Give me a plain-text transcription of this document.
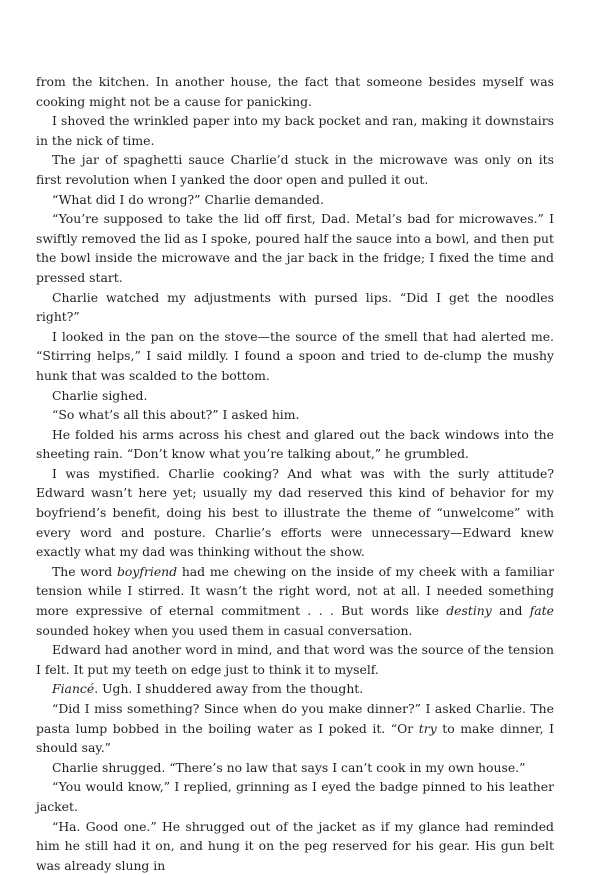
from the kitchen. In another house, the fact that someone besides myself was cooking might not be a cause for panicking.

I shoved the wrinkled paper into my back pocket and ran, making it downstairs in the nick of time.

The jar of spaghetti sauce Charlie’d stuck in the microwave was only on its first revolution when I yanked the door open and pulled it out.

“What did I do wrong?” Charlie demanded.

“You’re supposed to take the lid off first, Dad. Metal’s bad for microwaves.” I swiftly removed the lid as I spoke, poured half the sauce into a bowl, and then put the bowl inside the microwave and the jar back in the fridge; I fixed the time and pressed start.

Charlie watched my adjustments with pursed lips. “Did I get the noodles right?”

I looked in the pan on the stove—the source of the smell that had alerted me. “Stirring helps,” I said mildly. I found a spoon and tried to de-clump the mushy hunk that was scalded to the bottom.

Charlie sighed.

“So what’s all this about?” I asked him.

He folded his arms across his chest and glared out the back windows into the sheeting rain. “Don’t know what you’re talking about,” he grumbled.

I was mystified. Charlie cooking? And what was with the surly attitude? Edward wasn’t here yet; usually my dad reserved this kind of behavior for my boyfriend’s benefit, doing his best to illustrate the theme of “unwelcome” with every word and posture. Charlie’s efforts were unnecessary—Edward knew exactly what my dad was thinking without the show.

The word boyfriend had me chewing on the inside of my cheek with a familiar tension while I stirred. It wasn’t the right word, not at all. I needed something more expressive of eternal commitment . . . But words like destiny and fate sounded hokey when you used them in casual conversation.

Edward had another word in mind, and that word was the source of the tension I felt. It put my teeth on edge just to think it to myself.

Fiancé. Ugh. I shuddered away from the thought.

“Did I miss something? Since when do you make dinner?” I asked Charlie. The pasta lump bobbed in the boiling water as I poked it. “Or try to make dinner, I should say.”

Charlie shrugged. “There’s no law that says I can’t cook in my own house.”

“You would know,” I replied, grinning as I eyed the badge pinned to his leather jacket.

“Ha. Good one.” He shrugged out of the jacket as if my glance had reminded him he still had it on, and hung it on the peg reserved for his gear. His gun belt was already slung in
